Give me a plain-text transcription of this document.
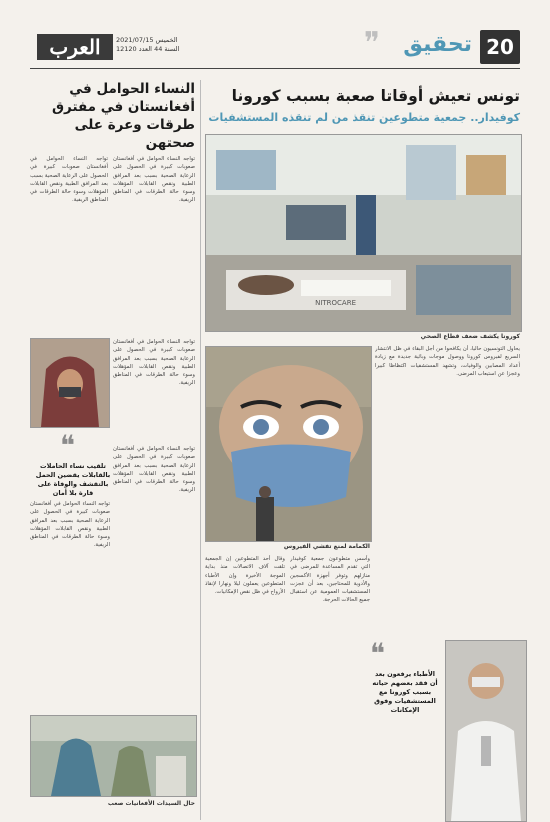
20
تحقيق
❞
الخميس 2021/07/15
السنة 44 العدد 12120
العرب
تونس تعيش أوقاتا صعبة بسبب كورونا
كوفيدار.. جمعية متطوعين تنقذ من لم تنقذه المستشفيات
NITROCARE
كورونا يكشف ضعف قطاع الصحي
يحاول التونسيون حاليا، أن يكافحوا من أجل البقاء في ظل الانتشار السريع لفيروس كورونا ووصول موجات وبائية جديدة مع زيادة أعداد المصابين والوفيات، وتشهد المستشفيات اكتظاظا كبيرا وعجزا عن استيعاب المرضى.
وأسس متطوعون جمعية كوفيدار التي تقدم المساعدة للمرضى في منازلهم وتوفر أجهزة الأكسجين والأدوية للمحتاجين، بعد أن عجزت المستشفيات العمومية عن استقبال جميع الحالات الحرجة.
وقال أحد المتطوعين إن الجمعية تلقت آلاف الاتصالات منذ بداية الموجة الأخيرة وإن الأطباء المتطوعين يعملون ليلا ونهارا لإنقاذ الأرواح في ظل نقص الإمكانيات.
الكمامة لمنع تفشي الفيروس
❝
الأطباء يرفعون بعد أن فقد بعضهم حياته بسبب كورونا مع المستشفيات وفوق الإمكانات
النساء الحوامل في أفغانستان في مفترق طرقات وعرة على صحتهن
تواجه النساء الحوامل في أفغانستان صعوبات كبيرة في الحصول على الرعاية الصحية بسبب بعد المرافق الطبية ونقص القابلات المؤهلات وسوء حالة الطرقات في المناطق الريفية.
تواجه النساء الحوامل في أفغانستان صعوبات كبيرة في الحصول على الرعاية الصحية بسبب بعد المرافق الطبية ونقص القابلات المؤهلات وسوء حالة الطرقات في المناطق الريفية.
تواجه النساء الحوامل في أفغانستان صعوبات كبيرة في الحصول على الرعاية الصحية بسبب بعد المرافق الطبية ونقص القابلات المؤهلات وسوء حالة الطرقات في المناطق الريفية.
❝
تلقيب نساء الحاملات بالقابلات يقضين الحمل بالتقشف والوفاة على قارة بلا أمان
تواجه النساء الحوامل في أفغانستان صعوبات كبيرة في الحصول على الرعاية الصحية بسبب بعد المرافق الطبية ونقص القابلات المؤهلات وسوء حالة الطرقات في المناطق الريفية.
تواجه النساء الحوامل في أفغانستان صعوبات كبيرة في الحصول على الرعاية الصحية بسبب بعد المرافق الطبية ونقص القابلات المؤهلات وسوء حالة الطرقات في المناطق الريفية.
حال السيدات الأفغانيات صعب
